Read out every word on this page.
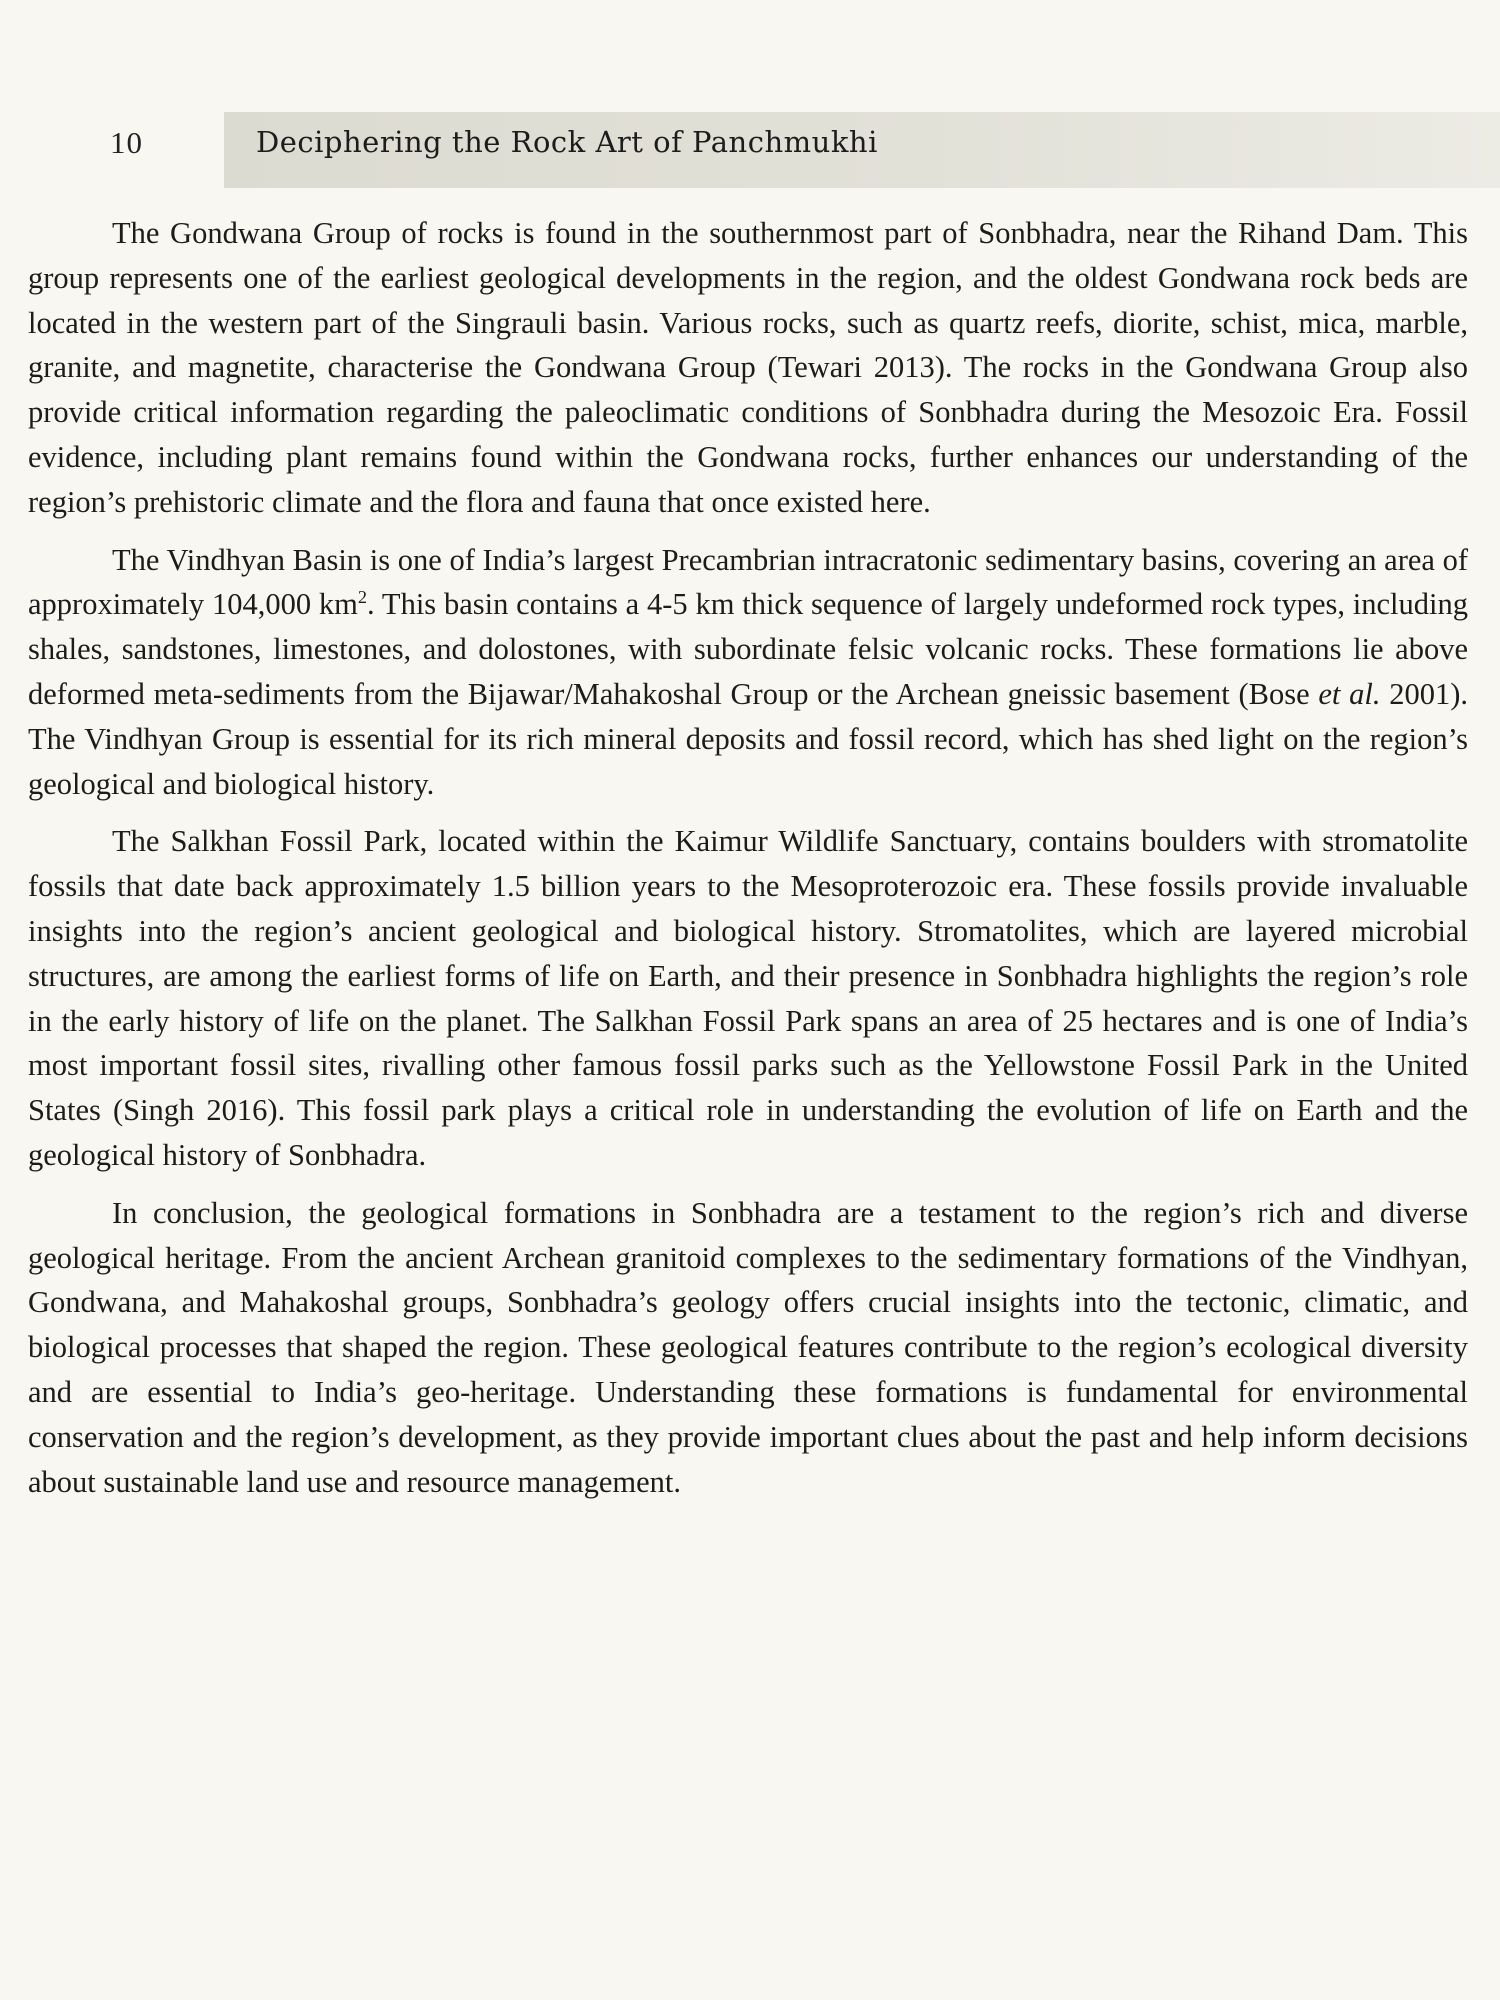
10	Deciphering the Rock Art of Panchmukhi

The Gondwana Group of rocks is found in the southernmost part of Sonbhadra, near the Rihand Dam. This group represents one of the earliest geological developments in the region, and the oldest Gondwana rock beds are located in the western part of the Singrauli basin. Various rocks, such as quartz reefs, diorite, schist, mica, marble, granite, and magnetite, characterise the Gondwana Group (Tewari 2013). The rocks in the Gondwana Group also provide critical information regarding the paleoclimatic conditions of Sonbhadra during the Mesozoic Era. Fossil evidence, including plant remains found within the Gondwana rocks, further enhances our understanding of the region’s prehistoric climate and the flora and fauna that once existed here.

The Vindhyan Basin is one of India’s largest Precambrian intracratonic sedimentary basins, covering an area of approximately 104,000 $km^2$. This basin contains a 4-5 km thick sequence of largely undeformed rock types, including shales, sandstones, limestones, and dolostones, with subordinate felsic volcanic rocks. These formations lie above deformed meta-sediments from the Bijawar/Mahakoshal Group or the Archean gneissic basement (Bose et al. 2001). The Vindhyan Group is essential for its rich mineral deposits and fossil record, which has shed light on the region’s geological and biological history.

The Salkhan Fossil Park, located within the Kaimur Wildlife Sanctuary, contains boulders with stromatolite fossils that date back approximately 1.5 billion years to the Mesoproterozoic era. These fossils provide invaluable insights into the region’s ancient geological and biological history. Stromatolites, which are layered microbial structures, are among the earliest forms of life on Earth, and their presence in Sonbhadra highlights the region’s role in the early history of life on the planet. The Salkhan Fossil Park spans an area of 25 hectares and is one of India’s most important fossil sites, rivalling other famous fossil parks such as the Yellowstone Fossil Park in the United States (Singh 2016). This fossil park plays a critical role in understanding the evolution of life on Earth and the geological history of Sonbhadra.

In conclusion, the geological formations in Sonbhadra are a testament to the region’s rich and diverse geological heritage. From the ancient Archean granitoid complexes to the sedimentary formations of the Vindhyan, Gondwana, and Mahakoshal groups, Sonbhadra’s geology offers crucial insights into the tectonic, climatic, and biological processes that shaped the region. These geological features contribute to the region’s ecological diversity and are essential to India’s geo-heritage. Understanding these formations is fundamental for environmental conservation and the region’s development, as they provide important clues about the past and help inform decisions about sustainable land use and resource management.
